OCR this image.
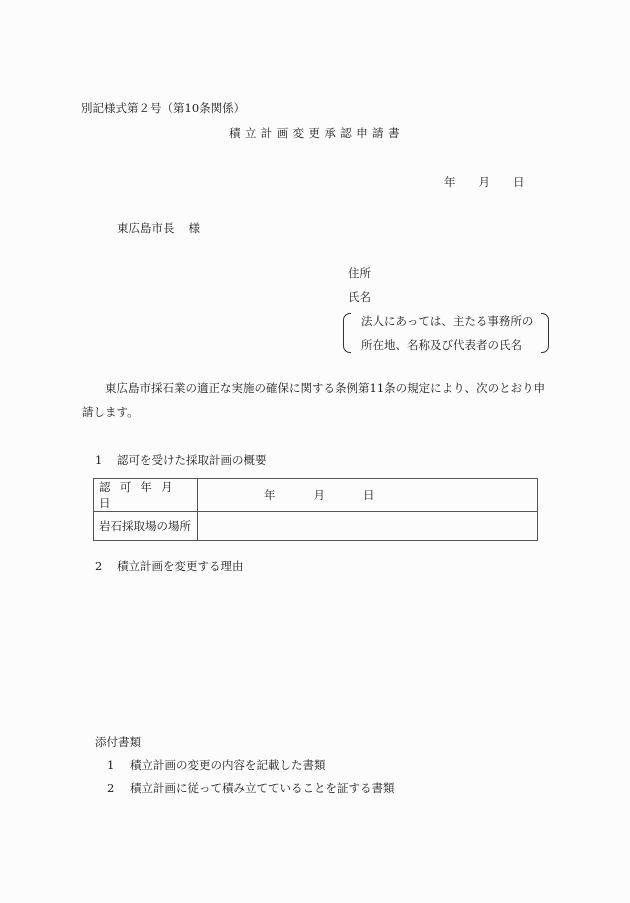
別記様式第２号（第10条関係）
積立計画変更承認申請書
年 月 日
東広島市長 様
住所
氏名
法人にあっては、主たる事務所の
所在地、名称及び代表者の氏名
東広島市採石業の適正な実施の確保に関する条例第11条の規定により、次のとおり申
請します。
1 認可を受けた採取計画の概要
認可年月日	年 月 日
岩石採取場の場所	
2 積立計画を変更する理由
添付書類
1 積立計画の変更の内容を記載した書類
2 積立計画に従って積み立てていることを証する書類
